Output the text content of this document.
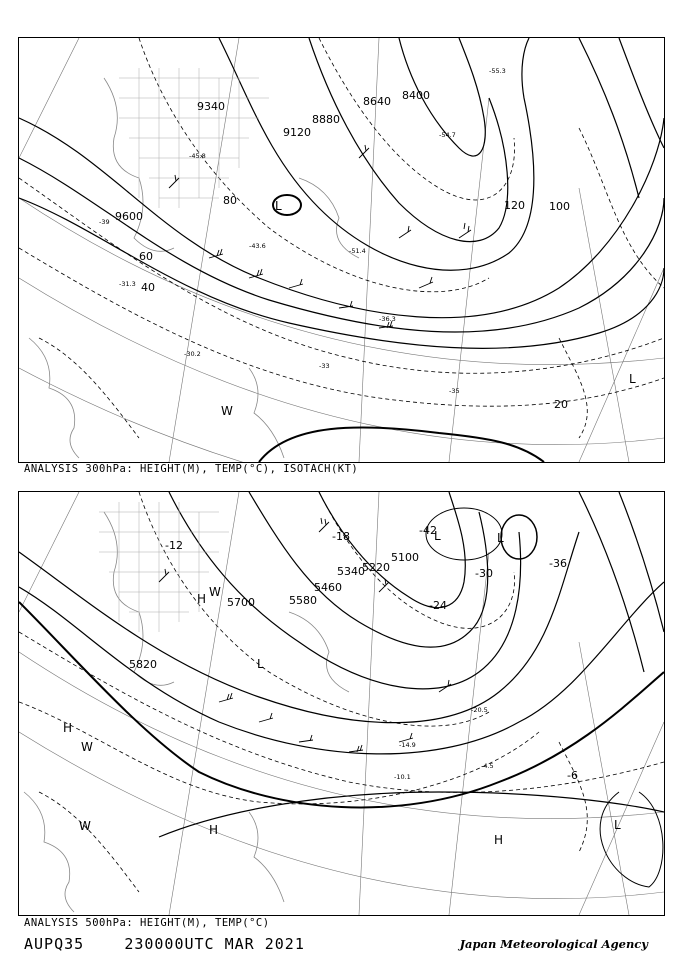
9600
9340
9120
8880
8640 8400
40
60
80	100
120
20
-39
-33
-35
-36.3
-30.2
-31.3
-45.8
-43.6
-55.3
-54.7
-51.4
L
L
W
ANALYSIS 300hPa: HEIGHT(M), TEMP(°C), ISOTACH(KT)
5820
5700	5580
5460
5340
5220
5100
-12
-18
-24
-30
-36
-42
-6
-10.1
-14.9
-20.5
-4.5
H
H
H
H
L	L
L
L
W
W
W
ANALYSIS 500hPa: HEIGHT(M), TEMP(°C)
AUPQ35	230000UTC MAR 2021	Japan Meteorological Agency
